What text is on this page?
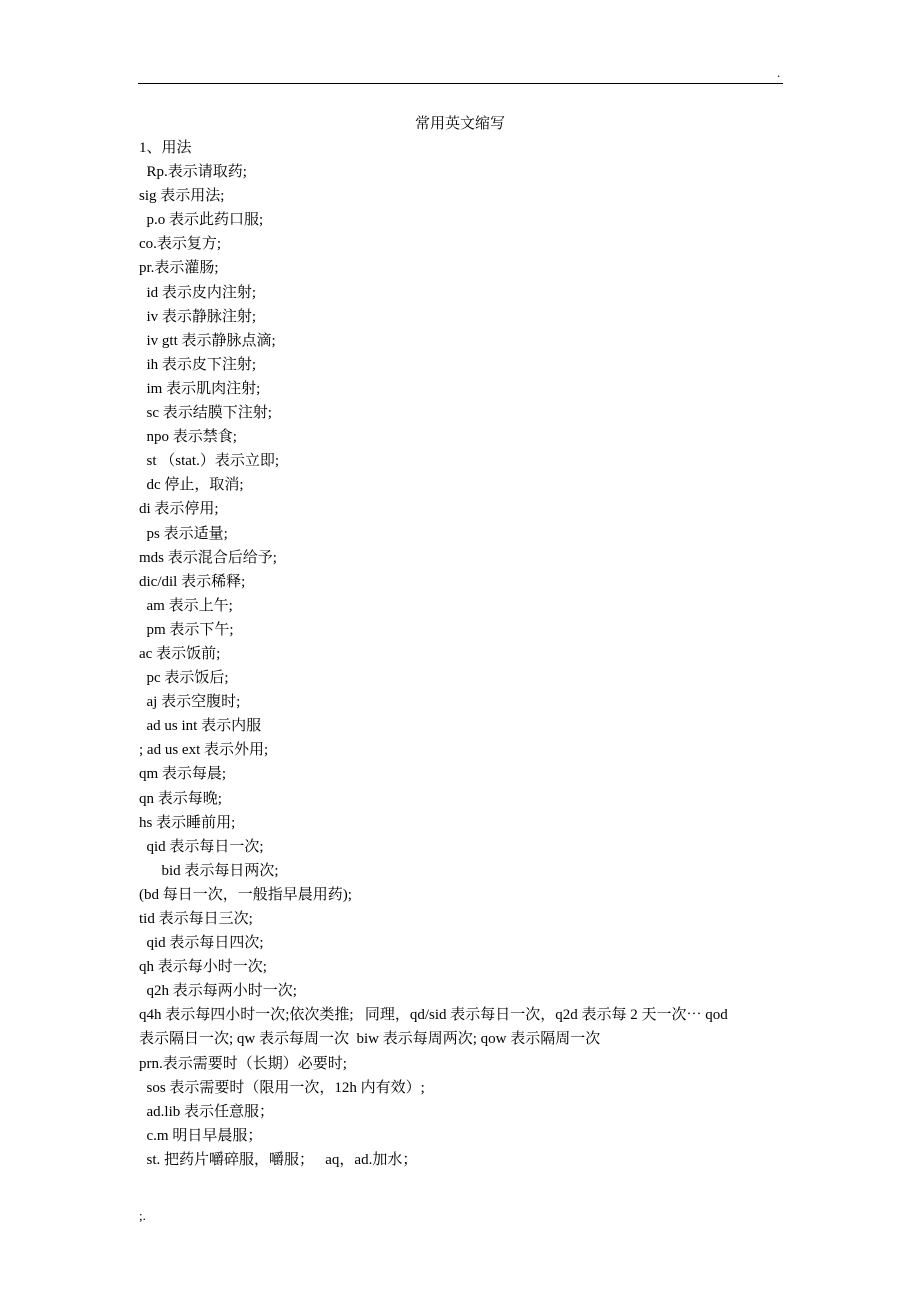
.
常用英文缩写
1、用法
Rp.表示请取药;
sig 表示用法;
p.o 表示此药口服;
co.表示复方;
pr.表示灌肠;
id 表示皮内注射;
iv 表示静脉注射;
iv gtt 表示静脉点滴;
ih 表示皮下注射;
im 表示肌肉注射;
sc 表示结膜下注射;
npo 表示禁食;
st （stat.）表示立即;
dc 停止，取消;
di 表示停用;
ps 表示适量;
mds 表示混合后给予;
dic/dil 表示稀释;
am 表示上午;
pm 表示下午;
ac 表示饭前;
pc 表示饭后;
aj 表示空腹时;
ad us int 表示内服
; ad us ext 表示外用;
qm 表示每晨;
qn 表示每晚;
hs 表示睡前用;
qid 表示每日一次;
bid 表示每日两次;
(bd 每日一次，一般指早晨用药);
tid 表示每日三次;
qid 表示每日四次;
qh 表示每小时一次;
q2h 表示每两小时一次;
q4h 表示每四小时一次;依次类推;   同理，qd/sid 表示每日一次，q2d 表示每 2 天一次⋯ qod
表示隔日一次; qw 表示每周一次  biw 表示每周两次; qow 表示隔周一次
prn.表示需要时（长期）必要时;
sos 表示需要时（限用一次，12h 内有效）;
ad.lib 表示任意服；
c.m 明日早晨服；
st. 把药片嚼碎服，嚼服；   aq，ad.加水；
;.
